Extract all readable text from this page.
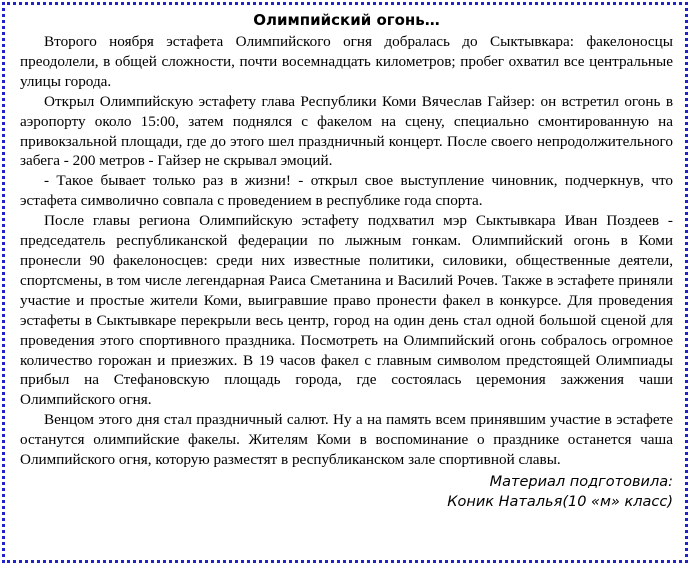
Олимпийский огонь…

Второго ноября эстафета Олимпийского огня добралась до Сыктывкара: факелоносцы преодолели, в общей сложности, почти восемнадцать километров; пробег охватил все центральные улицы города.

Открыл Олимпийскую эстафету глава Республики Коми Вячеслав Гайзер: он встретил огонь в аэропорту около 15:00, затем поднялся с факелом на сцену, специально смонтированную на привокзальной площади, где до этого шел праздничный концерт. После своего непродолжительного забега - 200 метров - Гайзер не скрывал эмоций.

- Такое бывает только раз в жизни! - открыл свое выступление чиновник, подчеркнув, что эстафета символично совпала с проведением в республике года спорта.

После главы региона Олимпийскую эстафету подхватил мэр Сыктывкара Иван Поздеев - председатель республиканской федерации по лыжным гонкам. Олимпийский огонь в Коми пронесли 90 факелоносцев: среди них известные политики, силовики, общественные деятели, спортсмены, в том числе легендарная Раиса Сметанина и Василий Рочев. Также в эстафете приняли участие и простые жители Коми, выигравшие право пронести факел в конкурсе. Для проведения эстафеты в Сыктывкаре перекрыли весь центр, город на один день стал одной большой сценой для проведения этого спортивного праздника. Посмотреть на Олимпийский огонь собралось огромное количество горожан и приезжих. В 19 часов факел с главным символом предстоящей Олимпиады прибыл на Стефановскую площадь города, где состоялась церемония зажжения чаши Олимпийского огня.

Венцом этого дня стал праздничный салют. Ну а на память всем принявшим участие в эстафете останутся олимпийские факелы. Жителям Коми в воспоминание о празднике останется чаша Олимпийского огня, которую разместят в республиканском зале спортивной славы.

Материал подготовила:
Коник Наталья(10 «м» класс)
